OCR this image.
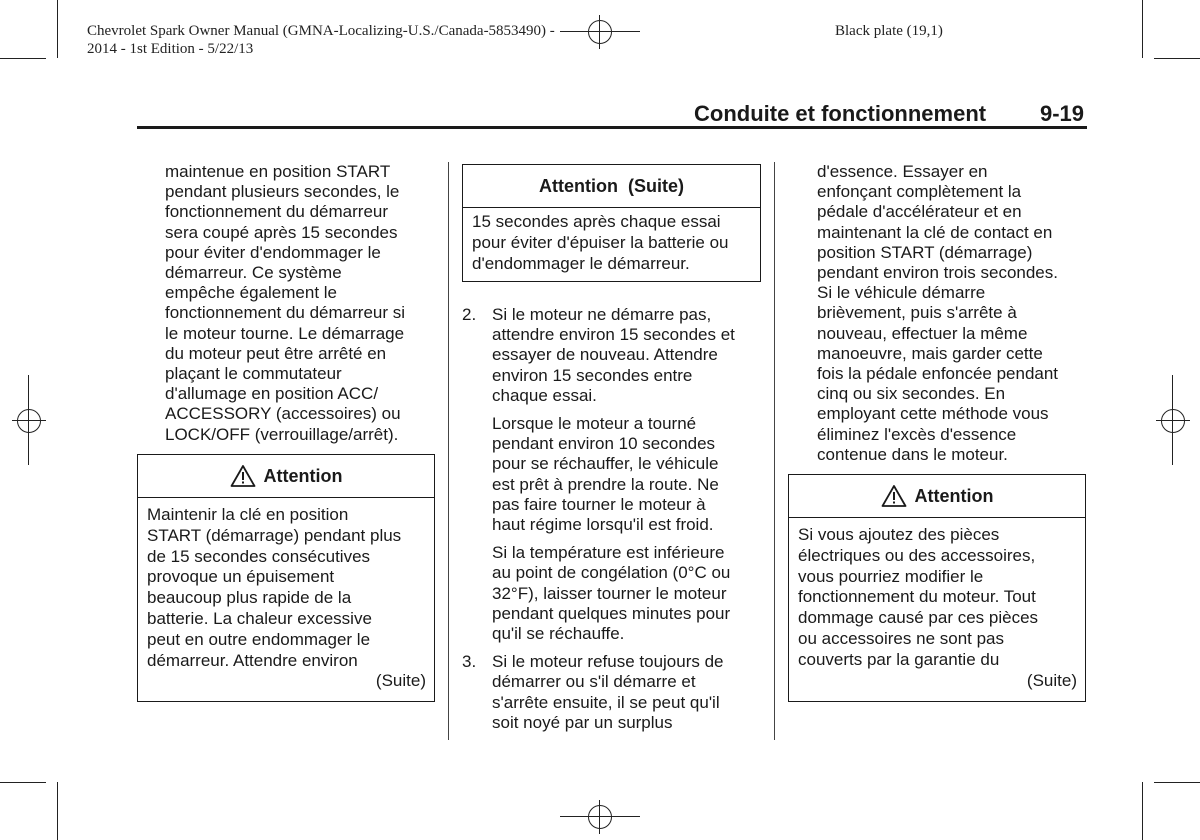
Chevrolet Spark Owner Manual (GMNA-Localizing-U.S./Canada-5853490) -
2014 - 1st Edition - 5/22/13
Black plate (19,1)
Conduite et fonctionnement 9-19
maintenue en position START
pendant plusieurs secondes, le
fonctionnement du démarreur
sera coupé après 15 secondes
pour éviter d'endommager le
démarreur. Ce système
empêche également le
fonctionnement du démarreur si
le moteur tourne. Le démarrage
du moteur peut être arrêté en
plaçant le commutateur
d'allumage en position ACC/
ACCESSORY (accessoires) ou
LOCK/OFF (verrouillage/arrêt).
Attention
Maintenir la clé en position
START (démarrage) pendant plus
de 15 secondes consécutives
provoque un épuisement
beaucoup plus rapide de la
batterie. La chaleur excessive
peut en outre endommager le
démarreur. Attendre environ
(Suite)
Attention  (Suite)
15 secondes après chaque essai
pour éviter d'épuiser la batterie ou
d'endommager le démarreur.
2. Si le moteur ne démarre pas,
attendre environ 15 secondes et
essayer de nouveau. Attendre
environ 15 secondes entre
chaque essai.
Lorsque le moteur a tourné
pendant environ 10 secondes
pour se réchauffer, le véhicule
est prêt à prendre la route. Ne
pas faire tourner le moteur à
haut régime lorsqu'il est froid.
Si la température est inférieure
au point de congélation (0°C ou
32°F), laisser tourner le moteur
pendant quelques minutes pour
qu'il se réchauffe.
3. Si le moteur refuse toujours de
démarrer ou s'il démarre et
s'arrête ensuite, il se peut qu'il
soit noyé par un surplus
d'essence. Essayer en
enfonçant complètement la
pédale d'accélérateur et en
maintenant la clé de contact en
position START (démarrage)
pendant environ trois secondes.
Si le véhicule démarre
brièvement, puis s'arrête à
nouveau, effectuer la même
manoeuvre, mais garder cette
fois la pédale enfoncée pendant
cinq ou six secondes. En
employant cette méthode vous
éliminez l'excès d'essence
contenue dans le moteur.
Attention
Si vous ajoutez des pièces
électriques ou des accessoires,
vous pourriez modifier le
fonctionnement du moteur. Tout
dommage causé par ces pièces
ou accessoires ne sont pas
couverts par la garantie du
(Suite)
